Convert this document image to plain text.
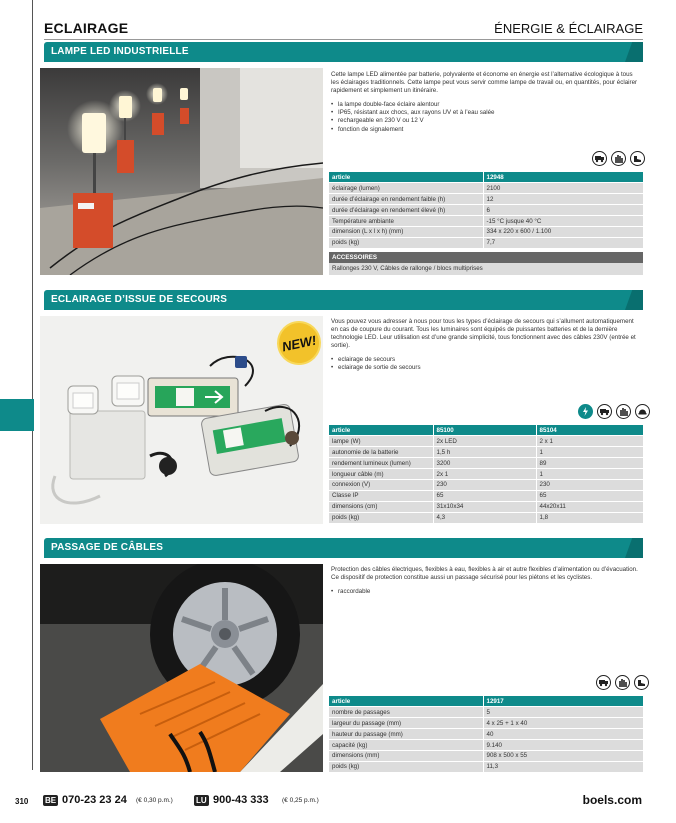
ECLAIRAGE	ÉNERGIE & ÉCLAIRAGE
LAMPE LED INDUSTRIELLE
Cette lampe LED alimentée par batterie, polyvalente et économe en énergie est l’alternative écologique à tous les éclairages traditionnels. Cette lampe peut vous servir comme lampe de travail ou, en quantités, pour éclairer rapidement et simplement un itinéraire.
• la lampe double-face éclaire alentour
• IP65, résistant aux chocs, aux rayons UV et à l’eau salée
• rechargeable en 230 V ou 12 V
• fonction de signalement
article	12948
éclairage (lumen)	2100
durée d’éclairage en rendement faible (h)	12
durée d’éclairage en rendement élevé (h)	6
Température ambiante	-15 °C jusque 40 °C
dimension (L x l x h) (mm)	334 x 220 x 600 / 1.100
poids (kg)	7,7
ACCESSOIRES
Rallonges 230 V, Câbles de rallonge / blocs multiprises
ECLAIRAGE D’ISSUE DE SECOURS
NEW!
Vous pouvez vous adresser à nous pour tous les types d’éclairage de secours qui s’allument automatiquement en cas de coupure du courant. Tous les luminaires sont équipés de puissantes batteries et de la dernière technologie LED. Leur utilisation est d’une grande simplicité, tous fonctionnent avec des câbles 230V (entrée et sortie).
• eclairage de secours
• eclairage de sortie de secours
article	85100	85104
lampe (W)	2x LED	2 x 1
autonomie de la batterie	1,5 h	1
rendement lumineux (lumen)	3200	89
longueur câble (m)	2x 1	1
connexion (V)	230	230
Classe IP	65	65
dimensions (cm)	31x10x34	44x20x11
poids (kg)	4,3	1,8
PASSAGE DE CÂBLES
Protection des câbles électriques, flexibles à eau, flexibles à air et autre flexibles d’alimentation ou d’évacuation. Ce dispositif de protection constitue aussi un passage sécurisé pour les piétons et les cyclistes.
• raccordable
article	12917
nombre de passages	5
largeur du passage (mm)	4 x 25 + 1 x 40
hauteur du passage (mm)	40
capacité (kg)	9.140
dimensions (mm)	908 x 500 x 55
poids (kg)	11,3
310 BE 070-23 23 24 (€ 0,30 p.m.)	LU 900-43 333 (€ 0,25 p.m.)	boels.com
